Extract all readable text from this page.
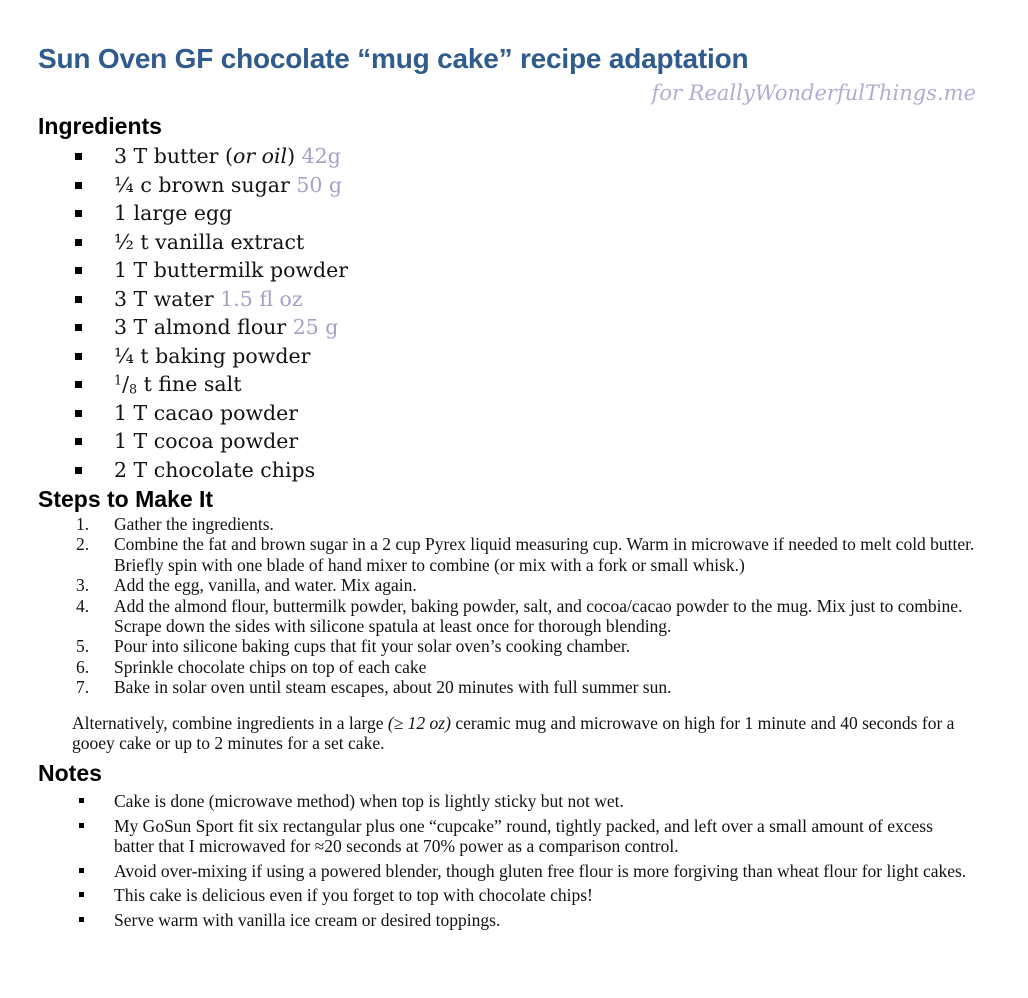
Sun Oven GF chocolate “mug cake” recipe adaptation
for ReallyWonderfulThings.me
Ingredients
3 T butter (or oil) 42g
¼ c brown sugar 50 g
1 large egg
½ t vanilla extract
1 T buttermilk powder
3 T water 1.5 fl oz
3 T almond flour 25 g
¼ t baking powder
$^1/_8$ t fine salt
1 T cacao powder
1 T cocoa powder
2 T chocolate chips
Steps to Make It
1. Gather the ingredients.
2. Combine the fat and brown sugar in a 2 cup Pyrex liquid measuring cup. Warm in microwave if needed to melt cold butter. Briefly spin with one blade of hand mixer to combine (or mix with a fork or small whisk.)
3. Add the egg, vanilla, and water. Mix again.
4. Add the almond flour, buttermilk powder, baking powder, salt, and cocoa/cacao powder to the mug. Mix just to combine. Scrape down the sides with silicone spatula at least once for thorough blending.
5. Pour into silicone baking cups that fit your solar oven’s cooking chamber.
6. Sprinkle chocolate chips on top of each cake
7. Bake in solar oven until steam escapes, about 20 minutes with full summer sun.

Alternatively, combine ingredients in a large (≥ 12 oz) ceramic mug and microwave on high for 1 minute and 40 seconds for a gooey cake or up to 2 minutes for a set cake.

Notes
Cake is done (microwave method) when top is lightly sticky but not wet.
My GoSun Sport fit six rectangular plus one “cupcake” round, tightly packed, and left over a small amount of excess batter that I microwaved for ≈20 seconds at 70% power as a comparison control.
Avoid over-mixing if using a powered blender, though gluten free flour is more forgiving than wheat flour for light cakes.
This cake is delicious even if you forget to top with chocolate chips!
Serve warm with vanilla ice cream or desired toppings.
